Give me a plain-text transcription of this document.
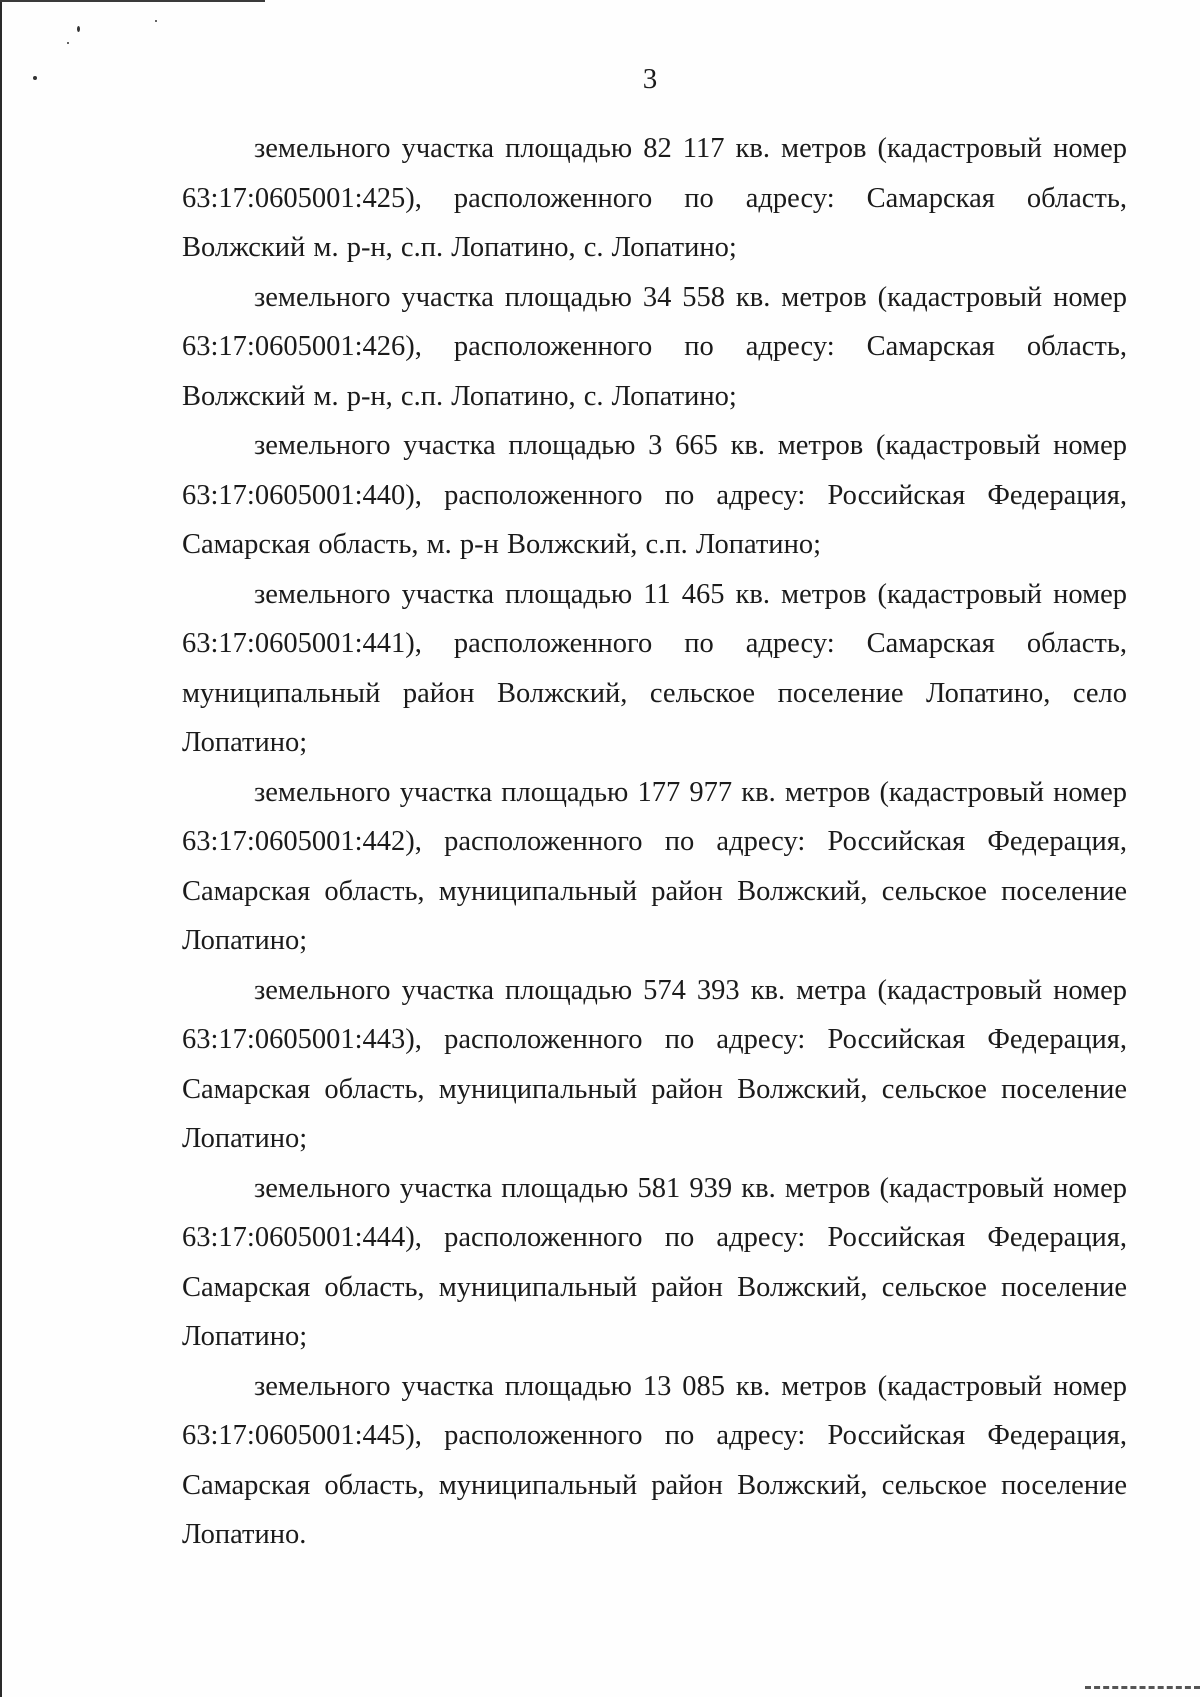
3

земельного участка площадью 82 117 кв. метров (кадастровый номер 63:17:0605001:425), расположенного по адресу: Самарская область, Волжский м. р-н, с.п. Лопатино, с. Лопатино;

земельного участка площадью 34 558 кв. метров (кадастровый номер 63:17:0605001:426), расположенного по адресу: Самарская область, Волжский м. р-н, с.п. Лопатино, с. Лопатино;

земельного участка площадью 3 665 кв. метров (кадастровый номер 63:17:0605001:440), расположенного по адресу: Российская Федерация, Самарская область, м. р-н Волжский, с.п. Лопатино;

земельного участка площадью 11 465 кв. метров (кадастровый номер 63:17:0605001:441), расположенного по адресу: Самарская область, муниципальный район Волжский, сельское поселение Лопатино, село Лопатино;

земельного участка площадью 177 977 кв. метров (кадастровый номер 63:17:0605001:442), расположенного по адресу: Российская Федерация, Самарская область, муниципальный район Волжский, сельское поселение Лопатино;

земельного участка площадью 574 393 кв. метра (кадастровый номер 63:17:0605001:443), расположенного по адресу: Российская Федерация, Самарская область, муниципальный район Волжский, сельское поселение Лопатино;

земельного участка площадью 581 939 кв. метров (кадастровый номер 63:17:0605001:444), расположенного по адресу: Российская Федерация, Самарская область, муниципальный район Волжский, сельское поселение Лопатино;

земельного участка площадью 13 085 кв. метров (кадастровый номер 63:17:0605001:445), расположенного по адресу: Российская Федерация, Самарская область, муниципальный район Волжский, сельское поселение Лопатино.
